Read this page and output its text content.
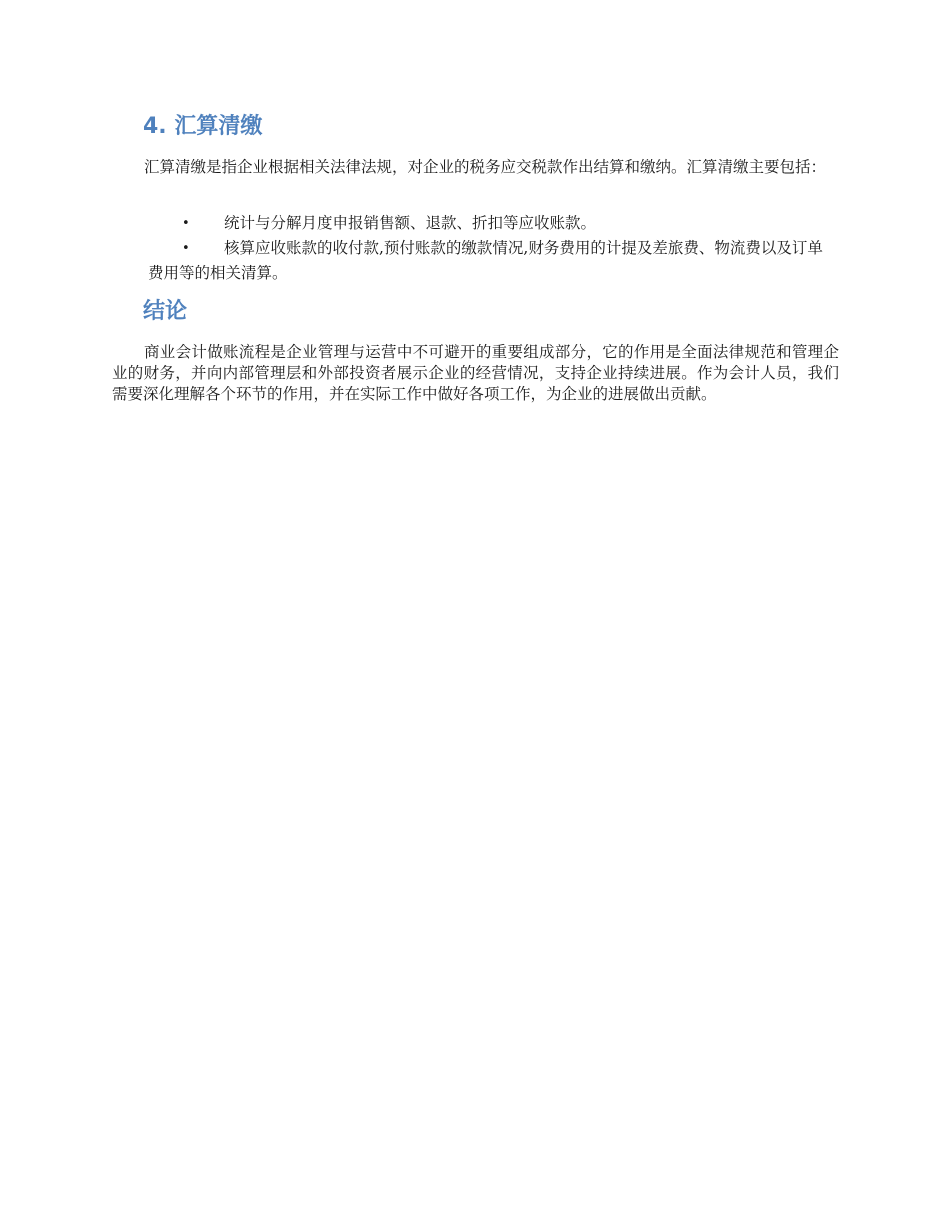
4. 汇算清缴

汇算清缴是指企业根据相关法律法规，对企业的税务应交税款作出结算和缴纳。汇算清缴主要包括：

•	统计与分解月度申报销售额、退款、折扣等应收账款。
•	核算应收账款的收付款,预付账款的缴款情况,财务费用的计提及差旅费、物流费以及订单费用等的相关清算。
结论

商业会计做账流程是企业管理与运营中不可避开的重要组成部分，它的作用是全面法律规范和管理企业的财务，并向内部管理层和外部投资者展示企业的经营情况，支持企业持续进展。作为会计人员，我们需要深化理解各个环节的作用，并在实际工作中做好各项工作，为企业的进展做出贡献。
